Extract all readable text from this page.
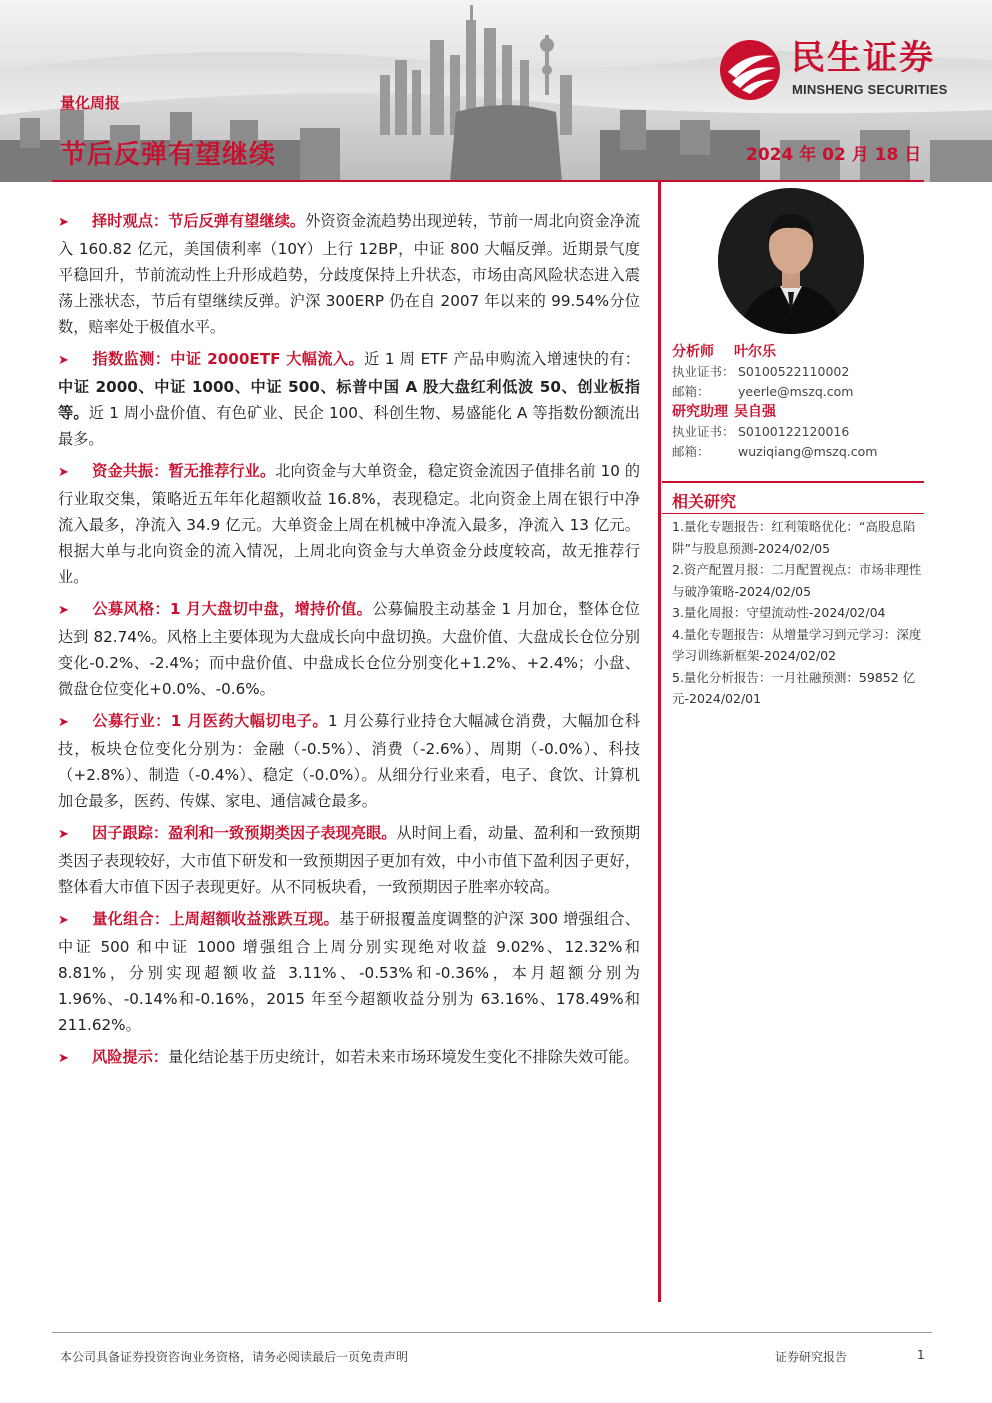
量化周报
节后反弹有望继续	2024 年 02 月 18 日
民生证券
MINSHENG SECURITIES
➤ 择时观点：节后反弹有望继续。外资资金流趋势出现逆转，节前一周北向资金净流入 160.82 亿元，美国债利率（10Y）上行 12BP，中证 800 大幅反弹。近期景气度平稳回升，节前流动性上升形成趋势，分歧度保持上升状态，市场由高风险状态进入震荡上涨状态，节后有望继续反弹。沪深 300ERP 仍在自 2007 年以来的 99.54%分位数，赔率处于极值水平。
➤ 指数监测：中证 2000ETF 大幅流入。近 1 周 ETF 产品申购流入增速快的有：中证 2000、中证 1000、中证 500、标普中国 A 股大盘红利低波 50、创业板指等。近 1 周小盘价值、有色矿业、民企 100、科创生物、易盛能化 A 等指数份额流出最多。
➤ 资金共振：暂无推荐行业。北向资金与大单资金，稳定资金流因子值排名前 10 的行业取交集，策略近五年年化超额收益 16.8%，表现稳定。北向资金上周在银行中净流入最多，净流入 34.9 亿元。大单资金上周在机械中净流入最多，净流入 13 亿元。根据大单与北向资金的流入情况，上周北向资金与大单资金分歧度较高，故无推荐行业。
➤ 公募风格：1 月大盘切中盘，增持价值。公募偏股主动基金 1 月加仓，整体仓位达到 82.74%。风格上主要体现为大盘成长向中盘切换。大盘价值、大盘成长仓位分别变化-0.2%、-2.4%；而中盘价值、中盘成长仓位分别变化+1.2%、+2.4%；小盘、微盘仓位变化+0.0%、-0.6%。
➤ 公募行业：1 月医药大幅切电子。1 月公募行业持仓大幅减仓消费，大幅加仓科技，板块仓位变化分别为：金融（-0.5%）、消费（-2.6%）、周期（-0.0%）、科技（+2.8%）、制造（-0.4%）、稳定（-0.0%）。从细分行业来看，电子、食饮、计算机加仓最多，医药、传媒、家电、通信减仓最多。
➤ 因子跟踪：盈利和一致预期类因子表现亮眼。从时间上看，动量、盈利和一致预期类因子表现较好，大市值下研发和一致预期因子更加有效，中小市值下盈利因子更好，整体看大市值下因子表现更好。从不同板块看，一致预期因子胜率亦较高。
➤ 量化组合：上周超额收益涨跌互现。基于研报覆盖度调整的沪深 300 增强组合、中证 500 和中证 1000 增强组合上周分别实现绝对收益 9.02%、12.32%和 8.81%，分别实现超额收益 3.11%、-0.53%和-0.36%，本月超额分别为 1.96%、-0.14%和-0.16%，2015 年至今超额收益分别为 63.16%、178.49%和 211.62%。
➤ 风险提示：量化结论基于历史统计，如若未来市场环境发生变化不排除失效可能。
分析师	叶尔乐
执业证书： S0100522110002
邮箱：	yeerle@mszq.com
研究助理 吴自强
执业证书： S0100122120016
邮箱：	wuziqiang@mszq.com
相关研究
1.量化专题报告：红利策略优化：“高股息陷阱”与股息预测-2024/02/05
2.资产配置月报：二月配置视点：市场非理性与破净策略-2024/02/05
3.量化周报：守望流动性-2024/02/04
4.量化专题报告：从增量学习到元学习：深度学习训练新框架-2024/02/02
5.量化分析报告：一月社融预测：59852 亿元-2024/02/01
本公司具备证券投资咨询业务资格，请务必阅读最后一页免责声明	证券研究报告	1
